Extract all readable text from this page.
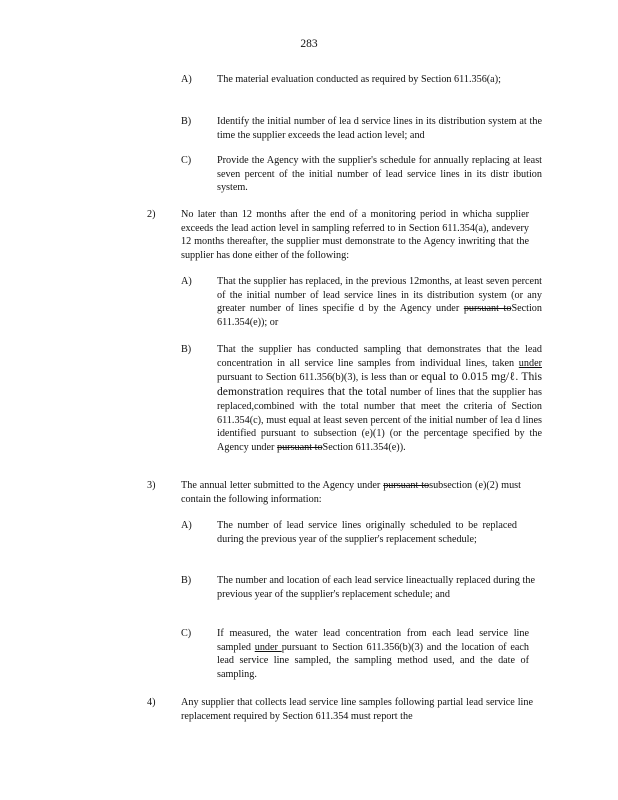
283
A) The material evaluation conducted as required by Section 611.356(a);
B)	Identify the initial number of lea d service lines in its distribution system at the time the supplier exceeds the lead action level; and
C)	Provide the Agency with the supplier's schedule for annually replacing at least seven percent of the initial number of lead service lines in its distr ibution system.
2)	No later than 12 months after the end of a monitoring period in whicha supplier exceeds the lead action level in sampling referred to in Section 611.354(a), andevery 12 months thereafter, the supplier must demonstrate to the Agency inwriting that the supplier has done either of the following:
A) That the supplier has replaced, in the previous 12months, at least seven percent of the initial number of lead service lines in its distribution system (or any greater number of lines specifie d by the Agency under pursuant toSection 611.354(e)); or
B)	That the supplier has conducted sampling that demonstrates that the lead concentration in all service line samples from individual lines, taken under pursuant to Section 611.356(b)(3), is less than or equal to 0.015 mg/ℓ. This demonstration requires that the total number of lines that the supplier has replaced,combined with the total number that meet the criteria of Section 611.354(c), must equal at least seven percent of the initial number of lea d lines identified pursuant to subsection (e)(1) (or the percentage specified by the Agency under pursuant toSection 611.354(e)).
3)	The annual letter submitted to the Agency under pursuant tosubsection (e)(2) must contain the following information:
A) The number of lead service lines originally scheduled to be replaced during the previous year of the supplier's replacement schedule;
B)	The number and location of each lead service lineactually replaced during the previous year of the supplier's replacement schedule; and
C)	If measured, the water lead concentration from each lead service line sampled under pursuant to Section 611.356(b)(3) and the location of each lead service line sampled, the sampling method used, and the date of sampling.
4)	Any supplier that collects lead service line samples following partial lead service line replacement required by Section 611.354 must report the
